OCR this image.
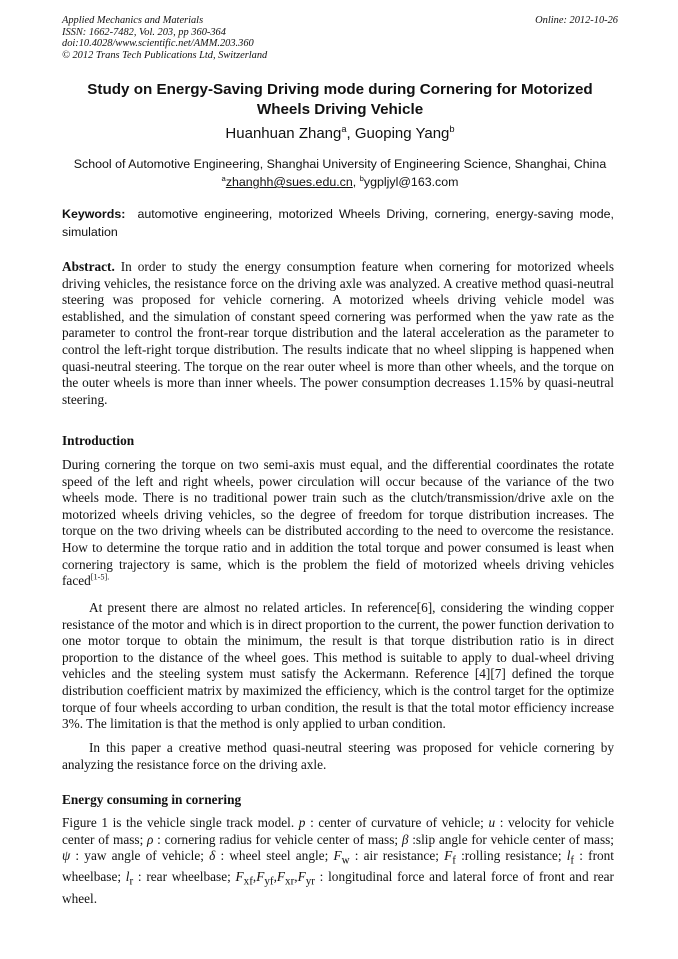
Applied Mechanics and Materials
ISSN: 1662-7482, Vol. 203, pp 360-364
doi:10.4028/www.scientific.net/AMM.203.360
© 2012 Trans Tech Publications Ltd, Switzerland
Online: 2012-10-26
Study on Energy-Saving Driving mode during Cornering for Motorized Wheels Driving Vehicle
Huanhuan Zhang$^a$, Guoping Yang$^b$
School of Automotive Engineering, Shanghai University of Engineering Science, Shanghai, China
$^a$zhanghh@sues.edu.cn, $^b$ygpljyl@163.com
Keywords: automotive engineering, motorized Wheels Driving, cornering, energy-saving mode, simulation
Abstract. In order to study the energy consumption feature when cornering for motorized wheels driving vehicles, the resistance force on the driving axle was analyzed. A creative method quasi-neutral steering was proposed for vehicle cornering. A motorized wheels driving vehicle model was established, and the simulation of constant speed cornering was performed when the yaw rate as the parameter to control the front-rear torque distribution and the lateral acceleration as the parameter to control the left-right torque distribution. The results indicate that no wheel slipping is happened when quasi-neutral steering. The torque on the rear outer wheel is more than other wheels, and the torque on the outer wheels is more than inner wheels. The power consumption decreases 1.15% by quasi-neutral steering.
Introduction
During cornering the torque on two semi-axis must equal, and the differential coordinates the rotate speed of the left and right wheels, power circulation will occur because of the variance of the two wheels mode. There is no traditional power train such as the clutch/transmission/drive axle on the motorized wheels driving vehicles, so the degree of freedom for torque distribution increases. The torque on the two driving wheels can be distributed according to the need to overcome the resistance. How to determine the torque ratio and in addition the total torque and power consumed is least when cornering trajectory is same, which is the problem the field of motorized wheels driving vehicles faced$^{[1-5].}$
At present there are almost no related articles. In reference[6], considering the winding copper resistance of the motor and which is in direct proportion to the current, the power function derivation to one motor torque to obtain the minimum, the result is that torque distribution ratio is in direct proportion to the distance of the wheel goes. This method is suitable to apply to dual-wheel driving vehicles and the steeling system must satisfy the Ackermann. Reference [4][7] defined the torque distribution coefficient matrix by maximized the efficiency, which is the control target for the optimize torque of four wheels according to urban condition, the result is that the total motor efficiency increase 3%. The limitation is that the method is only applied to urban condition.
In this paper a creative method quasi-neutral steering was proposed for vehicle cornering by analyzing the resistance force on the driving axle.
Energy consuming in cornering
Figure 1 is the vehicle single track model. p : center of curvature of vehicle; u : velocity for vehicle center of mass; ρ : cornering radius for vehicle center of mass; β :slip angle for vehicle center of mass; ψ : yaw angle of vehicle; δ : wheel steel angle; $F_w$ : air resistance; $F_f$ :rolling resistance; $l_f$ : front wheelbase; $l_r$ : rear wheelbase; $F_{xf},F_{yf},F_{xr},F_{yr}$ : longitudinal force and lateral force of front and rear wheel.
